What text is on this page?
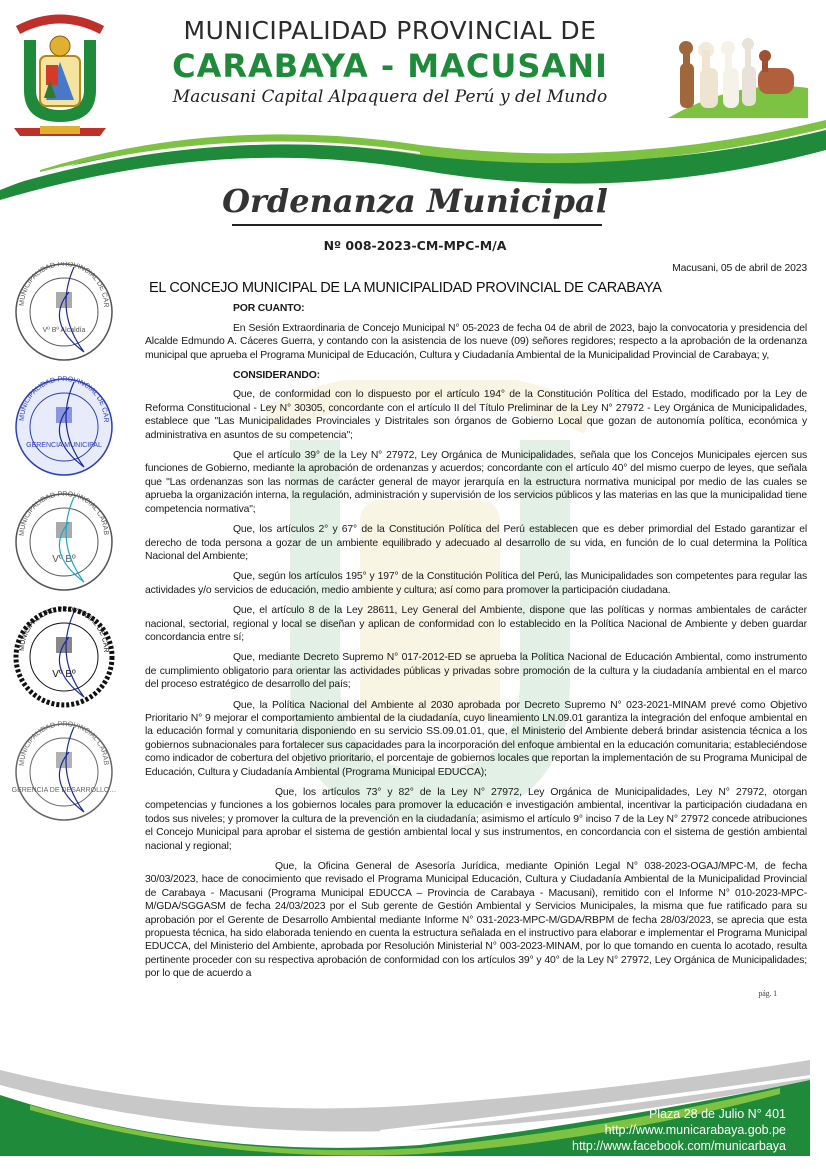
MUNICIPALIDAD PROVINCIAL DE
CARABAYA - MACUSANI
Macusani Capital Alpaquera del Perú y del Mundo
Ordenanza Municipal
Nº 008-2023-CM-MPC-M/A
MUNICIPALIDAD PROVINCIAL DE CAR
Vº Bº Alcaldía
MUNICIPALIDAD PROVINCIAL DE CAR
GERENCIA MUNICIPAL
MUNICIPALIDAD PROVINCIAL CARAB
Vº Bº
MUNICIPALIDAD PROVINCIAL DE CAR
Vº Bº
MUNICIPALIDAD PROVINCIAL CARAB
GERENCIA DE DESARROLLO…
Macusani, 05 de abril de 2023
EL CONCEJO MUNICIPAL DE LA MUNICIPALIDAD PROVINCIAL DE CARABAYA
POR CUANTO:

En Sesión Extraordinaria de Concejo Municipal N° 05-2023 de fecha 04 de abril de 2023, bajo la convocatoria y presidencia del Alcalde Edmundo A. Cáceres Guerra, y contando con la asistencia de los nueve (09) señores regidores; respecto a la aprobación de la ordenanza municipal que aprueba el Programa Municipal de Educación, Cultura y Ciudadanía Ambiental de la Municipalidad Provincial de Carabaya; y,

CONSIDERANDO:

Que, de conformidad con lo dispuesto por el artículo 194° de la Constitución Política del Estado, modificado por la Ley de Reforma Constitucional - Ley N° 30305, concordante con el artículo II del Título Preliminar de la Ley N° 27972 - Ley Orgánica de Municipalidades, establece que "Las Municipalidades Provinciales y Distritales son órganos de Gobierno Local que gozan de autonomía política, económica y administrativa en asuntos de su competencia";

Que el artículo 39° de la Ley N° 27972, Ley Orgánica de Municipalidades, señala que los Concejos Municipales ejercen sus funciones de Gobierno, mediante la aprobación de ordenanzas y acuerdos; concordante con el artículo 40° del mismo cuerpo de leyes, que señala que "Las ordenanzas son las normas de carácter general de mayor jerarquía en la estructura normativa municipal por medio de las cuales se aprueba la organización interna, la regulación, administración y supervisión de los servicios públicos y las materias en las que la municipalidad tiene competencia normativa";

Que, los artículos 2° y 67° de la Constitución Política del Perú establecen que es deber primordial del Estado garantizar el derecho de toda persona a gozar de un ambiente equilibrado y adecuado al desarrollo de su vida, en función de lo cual determina la Política Nacional del Ambiente;

Que, según los artículos 195° y 197° de la Constitución Política del Perú, las Municipalidades son competentes para regular las actividades y/o servicios de educación, medio ambiente y cultura; así como para promover la participación ciudadana.

Que, el artículo 8 de la Ley 28611, Ley General del Ambiente, dispone que las políticas y normas ambientales de carácter nacional, sectorial, regional y local se diseñan y aplican de conformidad con lo establecido en la Política Nacional de Ambiente y deben guardar concordancia entre sí;

Que, mediante Decreto Supremo N° 017-2012-ED se aprueba la Política Nacional de Educación Ambiental, como instrumento de cumplimiento obligatorio para orientar las actividades públicas y privadas sobre promoción de la cultura y la ciudadanía ambiental en el marco del proceso estratégico de desarrollo del país;

Que, la Política Nacional del Ambiente al 2030 aprobada por Decreto Supremo N° 023-2021-MINAM prevé como Objetivo Prioritario N° 9 mejorar el comportamiento ambiental de la ciudadanía, cuyo lineamiento LN.09.01 garantiza la integración del enfoque ambiental en la educación formal y comunitaria disponiendo en su servicio SS.09.01.01, que, el Ministerio del Ambiente deberá brindar asistencia técnica a los gobiernos subnacionales para fortalecer sus capacidades para la incorporación del enfoque ambiental en la educación comunitaria; estableciéndose como indicador de cobertura del objetivo prioritario, el porcentaje de gobiernos locales que reportan la implementación de su Programa Municipal de Educación, Cultura y Ciudadanía Ambiental (Programa Municipal EDUCCA);

Que, los artículos 73° y 82° de la Ley N° 27972, Ley Orgánica de Municipalidades, Ley N° 27972, otorgan competencias y funciones a los gobiernos locales para promover la educación e investigación ambiental, incentivar la participación ciudadana en todos sus niveles; y promover la cultura de la prevención en la ciudadanía; asimismo el artículo 9° inciso 7 de la Ley N° 27972 concede atribuciones el Concejo Municipal para aprobar el sistema de gestión ambiental local y sus instrumentos, en concordancia con el sistema de gestión ambiental nacional y regional;

Que, la Oficina General de Asesoría Jurídica, mediante Opinión Legal N° 038-2023-OGAJ/MPC-M, de fecha 30/03/2023, hace de conocimiento que revisado el Programa Municipal Educación, Cultura y Ciudadanía Ambiental de la Municipalidad Provincial de Carabaya - Macusani (Programa Municipal EDUCCA – Provincia de Carabaya - Macusani), remitido con el Informe N° 010-2023-MPC-M/GDA/SGGASM de fecha 24/03/2023 por el Sub gerente de Gestión Ambiental y Servicios Municipales, la misma que fue ratificado para su aprobación por el Gerente de Desarrollo Ambiental mediante Informe N° 031-2023-MPC-M/GDA/RBPM de fecha 28/03/2023, se aprecia que esta propuesta técnica, ha sido elaborada teniendo en cuenta la estructura señalada en el instructivo para elaborar e implementar el Programa Municipal EDUCCA, del Ministerio del Ambiente, aprobada por Resolución Ministerial N° 003-2023-MINAM, por lo que tomando en cuenta lo acotado, resulta pertinente proceder con su respectiva aprobación de conformidad con los artículos 39° y 40° de la Ley N° 27972, Ley Orgánica de Municipalidades; por lo que de acuerdo a

pág. 1
Plaza 28 de Julio N° 401
http://www.municarabaya.gob.pe
http://www.facebook.com/municarbaya
